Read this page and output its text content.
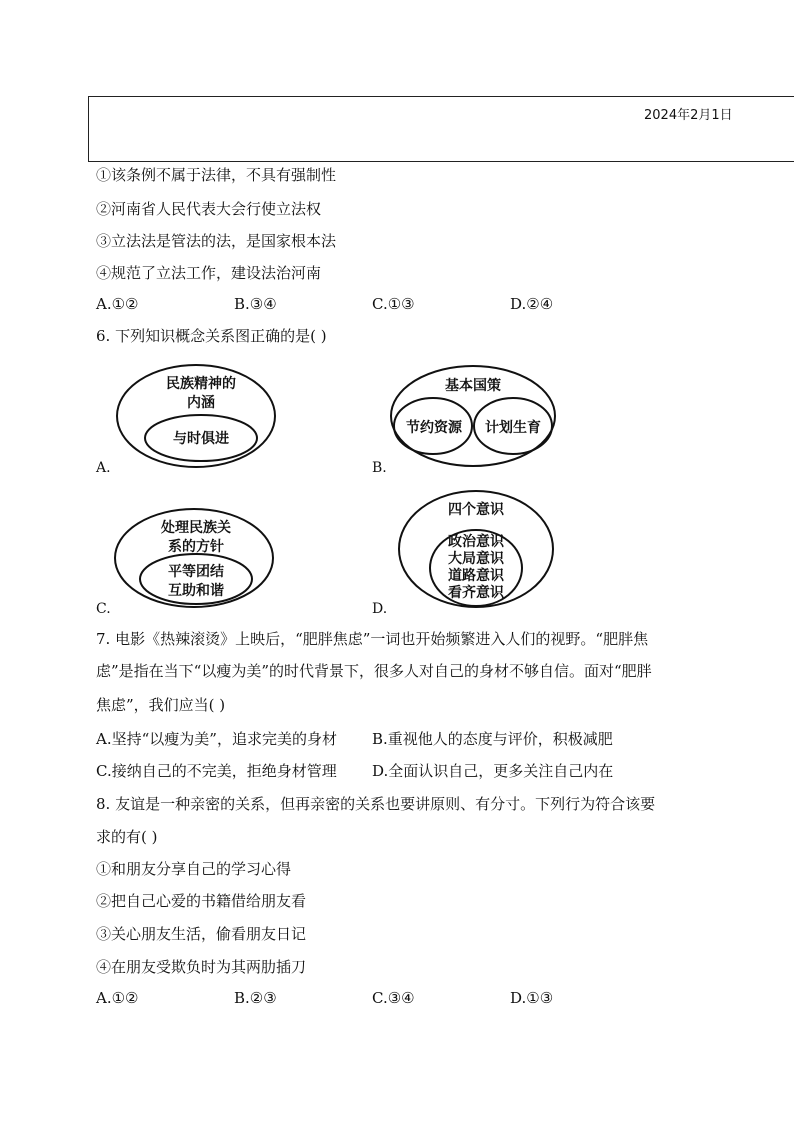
2024年2月1日
①该条例不属于法律，不具有强制性
②河南省人民代表大会行使立法权
③立法法是管法的法，是国家根本法
④规范了立法工作，建设法治河南
A.①②	B.③④	C.①③	D.②④
6. 下列知识概念关系图正确的是( )
民族精神的
内涵
与时俱进
A.
基本国策
节约资源 计划生育
B.
处理民族关
系的方针
平等团结
互助和谐
C.
四个意识
政治意识
大局意识
道路意识
看齐意识
D.
7. 电影《热辣滚烫》上映后，“肥胖焦虑”一词也开始频繁进入人们的视野。“肥胖焦
虑”是指在当下“以瘦为美”的时代背景下，很多人对自己的身材不够自信。面对“肥胖
焦虑”，我们应当( )
A.坚持“以瘦为美”，追求完美的身材 B.重视他人的态度与评价，积极减肥
C.接纳自己的不完美，拒绝身材管理 D.全面认识自己，更多关注自己内在
8. 友谊是一种亲密的关系，但再亲密的关系也要讲原则、有分寸。下列行为符合该要
求的有( )
①和朋友分享自己的学习心得
②把自己心爱的书籍借给朋友看
③关心朋友生活，偷看朋友日记
④在朋友受欺负时为其两肋插刀
A.①②	B.②③	C.③④	D.①③
